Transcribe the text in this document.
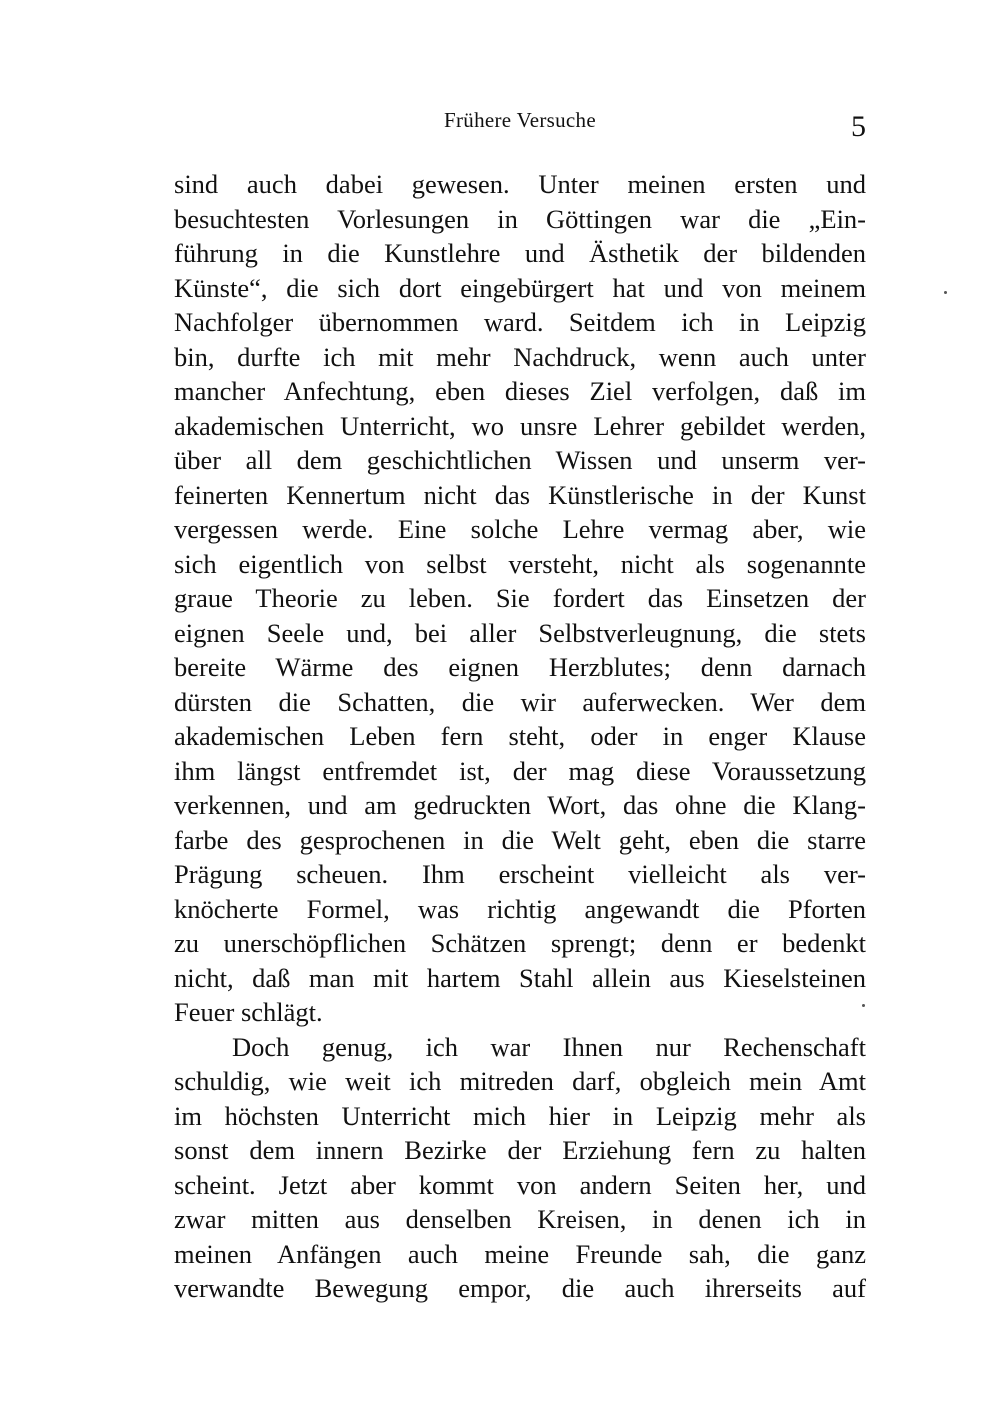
Frühere Versuche	5
sind auch dabei gewesen. Unter meinen ersten und
besuchtesten Vorlesungen in Göttingen war die „Ein-
führung in die Kunstlehre und Ästhetik der bildenden
Künste“, die sich dort eingebürgert hat und von meinem
Nachfolger übernommen ward. Seitdem ich in Leipzig
bin, durfte ich mit mehr Nachdruck, wenn auch unter
mancher Anfechtung, eben dieses Ziel verfolgen, daß im
akademischen Unterricht, wo unsre Lehrer gebildet werden,
über all dem geschichtlichen Wissen und unserm ver-
feinerten Kennertum nicht das Künstlerische in der Kunst
vergessen werde. Eine solche Lehre vermag aber, wie
sich eigentlich von selbst versteht, nicht als sogenannte
graue Theorie zu leben. Sie fordert das Einsetzen der
eignen Seele und, bei aller Selbstverleugnung, die stets
bereite Wärme des eignen Herzblutes; denn darnach
dürsten die Schatten, die wir auferwecken. Wer dem
akademischen Leben fern steht, oder in enger Klause
ihm längst entfremdet ist, der mag diese Voraussetzung
verkennen, und am gedruckten Wort, das ohne die Klang-
farbe des gesprochenen in die Welt geht, eben die starre
Prägung scheuen. Ihm erscheint vielleicht als ver-
knöcherte Formel, was richtig angewandt die Pforten
zu unerschöpflichen Schätzen sprengt; denn er bedenkt
nicht, daß man mit hartem Stahl allein aus Kieselsteinen
Feuer schlägt.
Doch genug, ich war Ihnen nur Rechenschaft
schuldig, wie weit ich mitreden darf, obgleich mein Amt
im höchsten Unterricht mich hier in Leipzig mehr als
sonst dem innern Bezirke der Erziehung fern zu halten
scheint. Jetzt aber kommt von andern Seiten her, und
zwar mitten aus denselben Kreisen, in denen ich in
meinen Anfängen auch meine Freunde sah, die ganz
verwandte Bewegung empor, die auch ihrerseits auf
